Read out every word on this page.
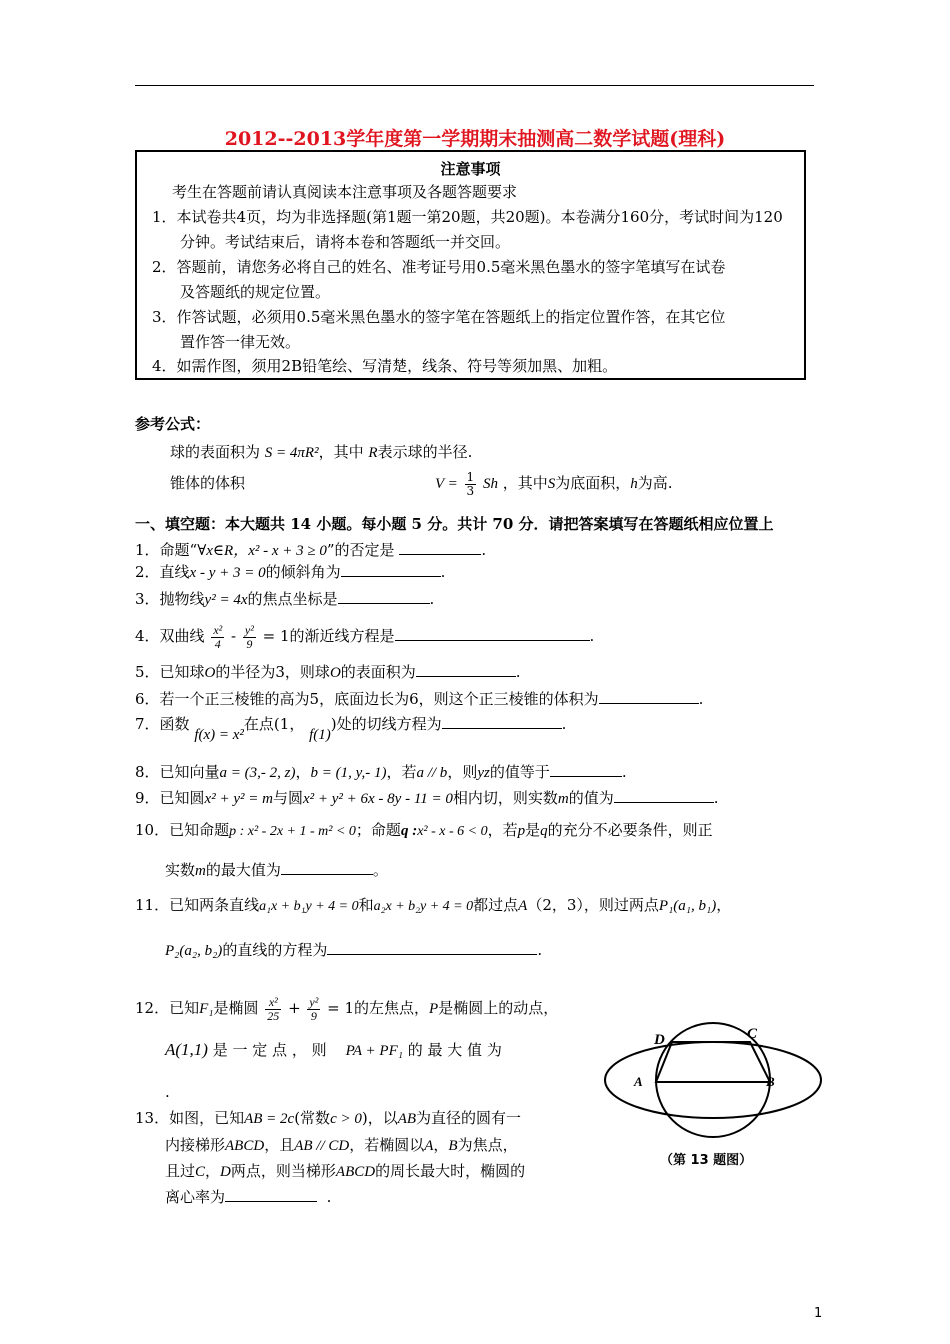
2012--2013学年度第一学期期末抽测高二数学试题(理科)
注意事项
考生在答题前请认真阅读本注意事项及各题答题要求
1．本试卷共4页，均为非选择题(第1题一第20题，共20题)。本卷满分160分，考试时间为120
分钟。考试结束后，请将本卷和答题纸一并交回。
2．答题前，请您务必将自己的姓名、准考证号用0.5毫米黑色墨水的签字笔填写在试卷
及答题纸的规定位置。
3．作答试题，必须用0.5毫米黑色墨水的签字笔在答题纸上的指定位置作答，在其它位
置作答一律无效。
4．如需作图，须用2B铅笔绘、写清楚，线条、符号等须加黑、加粗。
参考公式：
球的表面积为 S = 4πR²，其中 R表示球的半径.
锥体的体积	$V = \frac{1}{3}$ Sh ，其中S为底面积，h为高.
一、填空题：本大题共 14 小题。每小题 5 分。共计 70 分．请把答案填写在答题纸相应位置上
1．命题“∀x∈R，x² - x + 3 ≥ 0”的否定是	.
2．直线x - y + 3 = 0的倾斜角为	.
3．抛物线y² = 4x的焦点坐标是	.
4．双曲线 $\frac{\text{x²}}{4} - \frac{\text{y²}}{9} = 1$的渐近线方程是	.
5．已知球O的半径为3，则球O的表面积为	.
6．若一个正三棱锥的高为5，底面边长为6，则这个正三棱锥的体积为	.
7．函数 f(x) = x²在点(1， f(1))处的切线方程为	.
8．已知向量a = (3,- 2, z)，b = (1, y,- 1)，若a // b，则yz的值等于	.
9．已知圆x² + y² = m与圆x² + y² + 6x - 8y - 11 = 0相内切，则实数m的值为	.
10．已知命题p : x² - 2x + 1 - m² < 0；命题q :x² - x - 6 < 0，若p是q的充分不必要条件，则正
实数m的最大值为	。
11．已知两条直线a₁x + b₁y + 4 = 0和a₂x + b₂y + 4 = 0都过点A（2，3），则过两点P₁(a₁, b₁)，
P₂(a₂, b₂)的直线的方程为	.
12．已知F₁是椭圆 $\frac{\text{x²}}{25} + \frac{\text{y²}}{9} = 1$的左焦点，P是椭圆上的动点，
A(1,1) 是 一 定 点 ， 则 PA + PF₁ 的 最 大 值 为
.
13．如图，已知AB = 2c(常数c > 0)，以AB为直径的圆有一
内接梯形ABCD，且AB // CD，若椭圆以A，B为焦点，
且过C，D两点，则当梯形ABCD的周长最大时，椭圆的
离心率为	.
D	C
A	B
（第 13 题图）
1
